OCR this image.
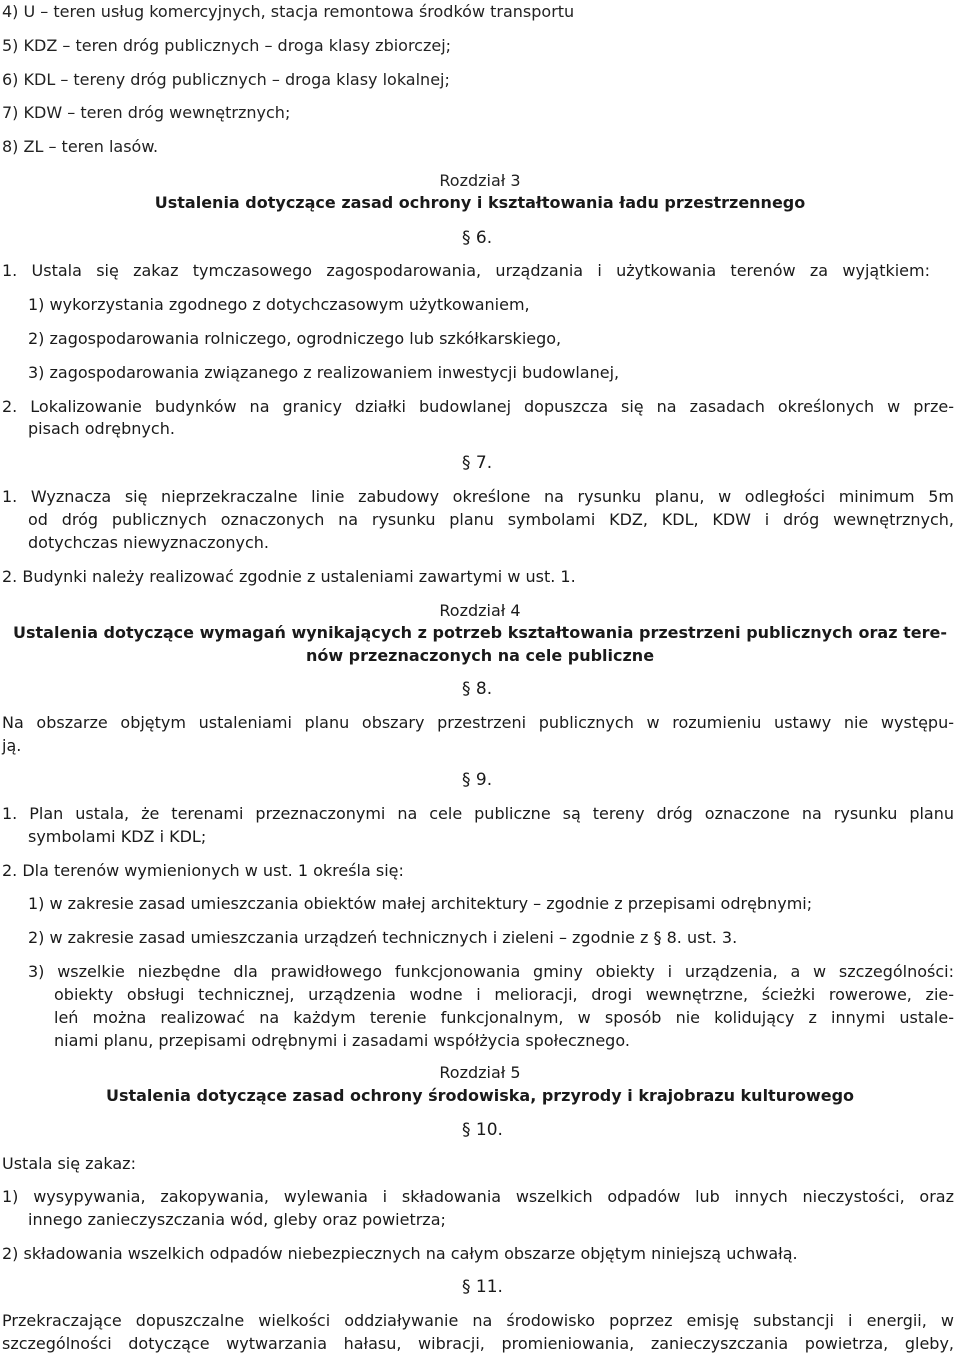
4) U – teren usług komercyjnych, stacja remontowa środków transportu
5) KDZ – teren dróg publicznych – droga klasy zbiorczej;
6) KDL – tereny dróg publicznych – droga klasy lokalnej;
7) KDW – teren dróg wewnętrznych;
8) ZL – teren lasów.
Rozdział 3
Ustalenia dotyczące zasad ochrony i kształtowania ładu przestrzennego
§ 6.
1. Ustala się zakaz tymczasowego zagospodarowania, urządzania i użytkowania terenów za wyjątkiem:
1) wykorzystania zgodnego z dotychczasowym użytkowaniem,
2) zagospodarowania rolniczego, ogrodniczego lub szkółkarskiego,
3) zagospodarowania związanego z realizowaniem inwestycji budowlanej,
2. Lokalizowanie budynków na granicy działki budowlanej dopuszcza się na zasadach określonych w prze-
pisach odrębnych.
§ 7.
1. Wyznacza się nieprzekraczalne linie zabudowy określone na rysunku planu, w odległości minimum 5m
od dróg publicznych oznaczonych na rysunku planu symbolami KDZ, KDL, KDW i dróg wewnętrznych,
dotychczas niewyznaczonych.
2. Budynki należy realizować zgodnie z ustaleniami zawartymi w ust. 1.
Rozdział 4
Ustalenia dotyczące wymagań wynikających z potrzeb kształtowania przestrzeni publicznych oraz tere-
nów przeznaczonych na cele publiczne
§ 8.
Na obszarze objętym ustaleniami planu obszary przestrzeni publicznych w rozumieniu ustawy nie występu-
ją.
§ 9.
1. Plan ustala, że terenami przeznaczonymi na cele publiczne są tereny dróg oznaczone na rysunku planu
symbolami KDZ i KDL;
2. Dla terenów wymienionych w ust. 1 określa się:
1) w zakresie zasad umieszczania obiektów małej architektury – zgodnie z przepisami odrębnymi;
2) w zakresie zasad umieszczania urządzeń technicznych i zieleni – zgodnie z § 8. ust. 3.
3) wszelkie niezbędne dla prawidłowego funkcjonowania gminy obiekty i urządzenia, a w szczególności:
obiekty obsługi technicznej, urządzenia wodne i melioracji, drogi wewnętrzne, ścieżki rowerowe, zie-
leń można realizować na każdym terenie funkcjonalnym, w sposób nie kolidujący z innymi ustale-
niami planu, przepisami odrębnymi i zasadami współżycia społecznego.
Rozdział 5
Ustalenia dotyczące zasad ochrony środowiska, przyrody i krajobrazu kulturowego
§ 10.
Ustala się zakaz:
1) wysypywania, zakopywania, wylewania i składowania wszelkich odpadów lub innych nieczystości, oraz
innego zanieczyszczania wód, gleby oraz powietrza;
2) składowania wszelkich odpadów niebezpiecznych na całym obszarze objętym niniejszą uchwałą.
§ 11.
Przekraczające dopuszczalne wielkości oddziaływanie na środowisko poprzez emisję substancji i energii, w
szczególności dotyczące wytwarzania hałasu, wibracji, promieniowania, zanieczyszczania powietrza, gleby,
